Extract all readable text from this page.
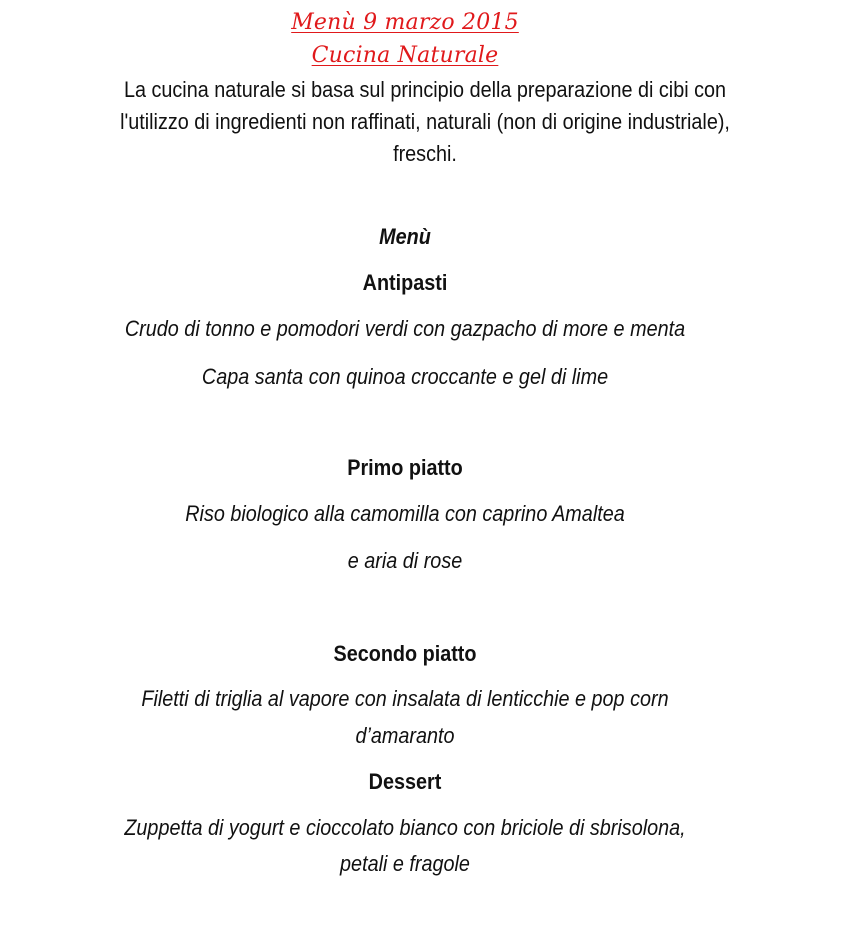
Menù 9 marzo 2015
Cucina Naturale
La cucina naturale si basa sul principio della preparazione di cibi con
l'utilizzo di ingredienti non raffinati, naturali (non di origine industriale),
freschi.
Menù
Antipasti
Crudo di tonno e pomodori verdi con gazpacho di more e menta
Capa santa con quinoa croccante e gel di lime
Primo piatto
Riso biologico alla camomilla con caprino Amaltea
e aria di rose
Secondo piatto
Filetti di triglia al vapore con insalata di lenticchie e pop corn
d’amaranto
Dessert
Zuppetta di yogurt e cioccolato bianco con briciole di sbrisolona,
petali e fragole
